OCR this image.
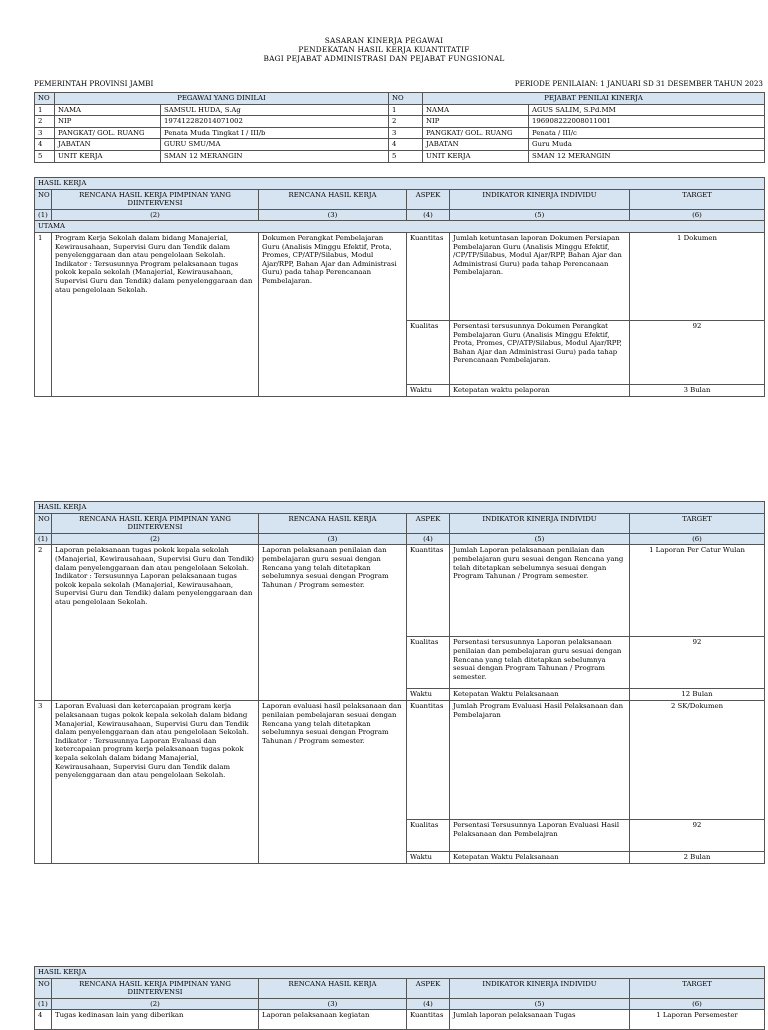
SASARAN KINERJA PEGAWAI
PENDEKATAN HASIL KERJA KUANTITATIF
BAGI PEJABAT ADMINISTRASI DAN PEJABAT FUNGSIONAL
PEMERINTAH PROVINSI JAMBI	PERIODE PENILAIAN: 1 JANUARI SD 31 DESEMBER TAHUN 2023
NO	PEGAWAI YANG DINILAI		NO	PEJABAT PENILAI KINERJA	
1	NAMA	SAMSUL HUDA, S.Ag	1	NAMA	AGUS SALIM, S.Pd.MM
2	NIP	197412282014071002	2	NIP	196908222008011001
3	PANGKAT/ GOL. RUANG	Penata Muda Tingkat I / III/b	3	PANGKAT/ GOL. RUANG	Penata / III/c
4	JABATAN	GURU SMU/MA	4	JABATAN	Guru Muda
5	UNIT KERJA	SMAN 12 MERANGIN	5	UNIT KERJA	SMAN 12 MERANGIN
HASIL KERJA					
NO	RENCANA HASIL KERJA PIMPINAN YANG DIINTERVENSI	RENCANA HASIL KERJA	ASPEK	INDIKATOR KINERJA INDIVIDU	TARGET
(1)	(2)	(3)	(4)	(5)	(6)
UTAMA					
1	Program Kerja Sekolah dalam bidang Manajerial, Kewirausahaan, Supervisi Guru dan Tendik dalam penyelenggaraan dan atau pengelolaan Sekolah. Indikator : Tersusunnya Program pelaksanaan tugas pokok kepala sekolah (Manajerial, Kewirausahaan, Supervisi Guru dan Tendik) dalam penyelenggaraan dan atau pengelolaan Sekolah.	Dokumen Perangkat Pembelajaran Guru (Analisis Minggu Efektif, Prota, Promes, CP/ATP/Silabus, Modul Ajar/RPP, Bahan Ajar dan Administrasi Guru) pada tahap Perencanaan Pembelajaran.	Kuantitas	Jumlah ketuntasan laporan Dokumen Persiapan Pembelajaran Guru (Analisis Minggu Efektif, /CP/TP/Silabus, Modul Ajar/RPP, Bahan Ajar dan Administrasi Guru) pada tahap Perencanaan Pembelajaran.	1 Dokumen
			Kualitas	Persentasi tersusunnya Dokumen Perangkat Pembelajaran Guru (Analisis Minggu Efektif, Prota, Promes, CP/ATP/Silabus, Modul Ajar/RPP, Bahan Ajar dan Administrasi Guru) pada tahap Perencanaan Pembelajaran.	92
			Waktu	Ketepatan waktu pelaporan	3 Bulan
HASIL KERJA					
NO	RENCANA HASIL KERJA PIMPINAN YANG DIINTERVENSI	RENCANA HASIL KERJA	ASPEK	INDIKATOR KINERJA INDIVIDU	TARGET
(1)	(2)	(3)	(4)	(5)	(6)
2	Laporan pelaksanaan tugas pokok kepala sekolah (Manajerial, Kewirausahaan, Supervisi Guru dan Tendik) dalam penyelenggaraan dan atau pengelolaan Sekolah. Indikator : Tersusunnya Laporan pelaksanaan tugas pokok kepala sekolah (Manajerial, Kewirausahaan, Supervisi Guru dan Tendik) dalam penyelenggaraan dan atau pengelolaan Sekolah.	Laporan pelaksanaan penilaian dan pembelajaran guru sesuai dengan Rencana yang telah ditetapkan sebelumnya sesuai dengan Program Tahunan / Program semester.	Kuantitas	Jumlah Laporan pelaksanaan penilaian dan pembelajaran guru sesuai dengan Rencana yang telah ditetapkan sebelumnya sesuai dengan Program Tahunan / Program semester.	1 Laporan Per Catur Wulan
			Kualitas	Persentasi tersusunnya Laporan pelaksanaan penilaian dan pembelajaran guru sesuai dengan Rencana yang telah ditetapkan sebelumnya sesuai dengan Program Tahunan / Program semester.	92
			Waktu	Ketepatan Waktu Pelaksanaan	12 Bulan
3	Laporan Evaluasi dan ketercapaian program kerja pelaksanaan tugas pokok kepala sekolah dalam bidang Manajerial, Kewirausahaan, Supervisi Guru dan Tendik dalam penyelenggaraan dan atau pengelolaan Sekolah. Indikator : Tersusunnya Laporan Evaluasi dan ketercapaian program kerja pelaksanaan tugas pokok kepala sekolah dalam bidang Manajerial, Kewirausahaan, Supervisi Guru dan Tendik dalam penyelenggaraan dan atau pengelolaan Sekolah.	Laporan evaluasi hasil pelaksanaan dan penilaian pembelajaran sesuai dengan Rencana yang telah ditetapkan sebelumnya sesuai dengan Program Tahunan / Program semester.	Kuantitas	Jumlah Program Evaluasi Hasil Pelaksanaan dan Pembelajaran	2 SK/Dokumen
			Kualitas	Persentasi Tersusunnya Laporan Evaluasi Hasil Pelaksanaan dan Pembelajran	92
			Waktu	Ketepatan Waktu Pelaksanaan	2 Bulan
HASIL KERJA					
NO	RENCANA HASIL KERJA PIMPINAN YANG DIINTERVENSI	RENCANA HASIL KERJA	ASPEK	INDIKATOR KINERJA INDIVIDU	TARGET
(1)	(2)	(3)	(4)	(5)	(6)
4	Tugas kedinasan lain yang diberikan	Laporan pelaksanaan kegiatan	Kuantitas	Jumlah laporan pelaksanaan Tugas	1 Laporan Persemester
